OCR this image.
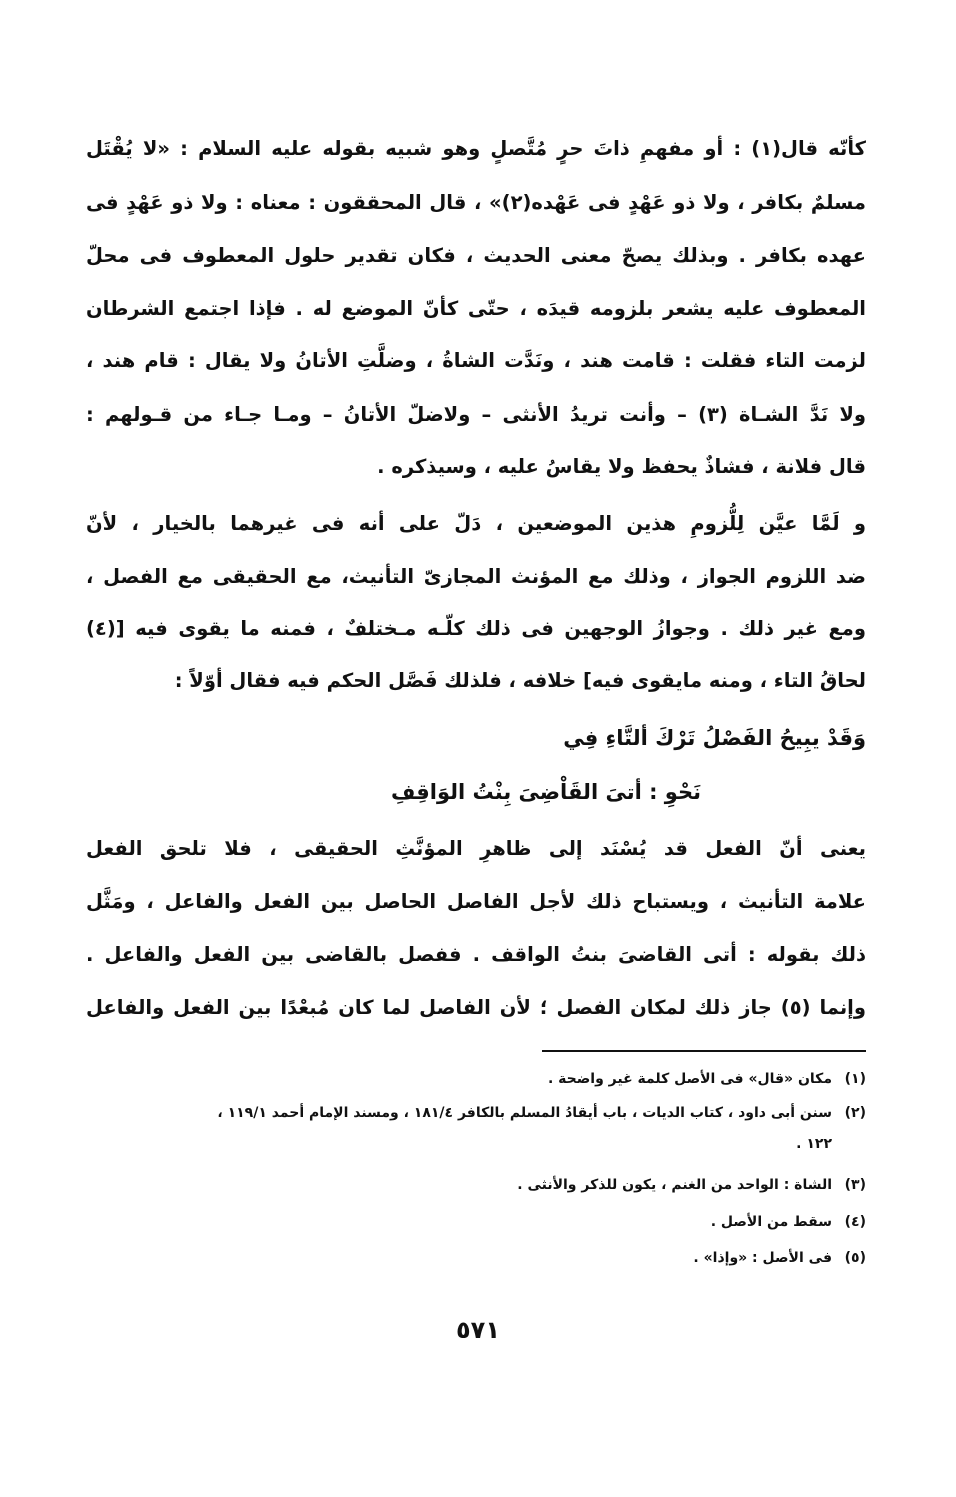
كأنّه قال(١) : أو مفهمِ ذاتَ حرٍ مُتَّصلٍ وهو شبيه بقوله عليه السلام : «لا يُقْتَل
مسلمٌ بكافر ، ولا ذو عَهْدٍ فى عَهْده(٢)» ، قال المحققون : معناه : ولا ذو عَهْدٍ فى
عهده بكافر . وبذلك يصحّ معنى الحديث ، فكان تقدير حلول المعطوف فى محلّ
المعطوف عليه يشعر بلزومه قيدَه ، حتّى كأنّ الموضع له . فإذا اجتمع الشرطان
لزمت التاء فقلت : قامت هند ، ونَدَّت الشاةُ ، وضلَّتِ الأتانُ ولا يقال : قام هند ،
ولا نَدَّ الشـاة (٣) – وأنت تريدُ الأنثى – ولاضلّ الأتانُ – ومـا جـاء من قـولهم :
قال فلانة ، فشاذٌ يحفظ ولا يقاسُ عليه ، وسيذكره .
و لَمَّا عيَّن لِلُّزومِ هذين الموضعين ، دَلّ على أنه فى غيرهما بالخيار ، لأنّ
ضد اللزوم الجواز ، وذلك مع المؤنث المجازىّ التأنيث، مع الحقيقى مع الفصل ،
ومع غير ذلك . وجوازُ الوجهين فى ذلك كلّـه مـختلفٌ ، فمنه ما يقوى فيه [(٤)
لحاقُ التاء ، ومنه مايقوى فيه] خلافه ، فلذلك فَصَّل الحكم فيه فقال أوّلاً :
وَقَدْ يبِيحُ الفَصْلُ تَرْكَ ألتَّاءِ فِي
نَحْوِ : أتىَ القَاْضِىَ بِنْتُ الوَاقِفِ
يعنى أنّ الفعل قد يُسْنَد إلى ظاهرِ المؤنَّثِ الحقيقى ، فلا تلحق الفعل
علامة التأنيث ، ويستباح ذلك لأجل الفاصل الحاصل بين الفعل والفاعل ، ومَثَّل
ذلك بقوله : أتى القاضىَ بنتُ الواقف . ففصل بالقاضى بين الفعل والفاعل .
وإنما (٥) جاز ذلك لمكان الفصل ؛ لأن الفاصل لما كان مُبعْدًا بين الفعل والفاعل
(١)مكان «قال» فى الأصل كلمة غير واضحة .
(٢)سنن أبى داود ، كتاب الديات ، باب أيقادُ المسلم بالكافر ١٨١/٤ ، ومسند الإمام أحمد ١١٩/١ ،
١٢٢ .
(٣)الشاة : الواحد من الغنم ، يكون للذكر والأنثى .
(٤)سقط من الأصل .
(٥)فى الأصل : «وإذا» .
٥٧١
